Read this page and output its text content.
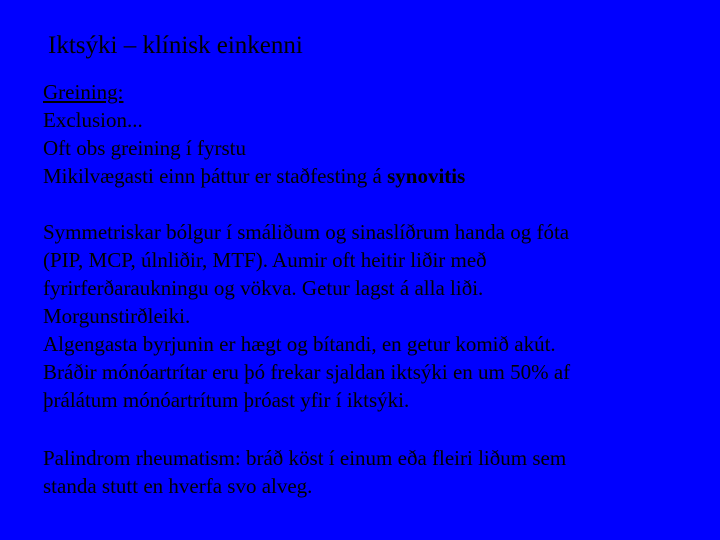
Iktsýki – klínisk einkenni
Greining:
Exclusion...
Oft obs greining í fyrstu
Mikilvægasti einn þáttur er staðfesting á synovitis
Symmetriskar bólgur í smáliðum og sinaslíðrum handa og fóta
(PIP, MCP, úlnliðir, MTF). Aumir oft heitir liðir með
fyrirferðaraukningu og vökva. Getur lagst á alla liði.
Morgunstirðleiki.
Algengasta byrjunin er hægt og bítandi, en getur komið akút.
Bráðir mónóartrítar eru þó frekar sjaldan iktsýki en um 50% af
þrálátum mónóartrítum þróast yfir í iktsýki.
Palindrom rheumatism: bráð köst í einum eða fleiri liðum sem
standa stutt en hverfa svo alveg.
